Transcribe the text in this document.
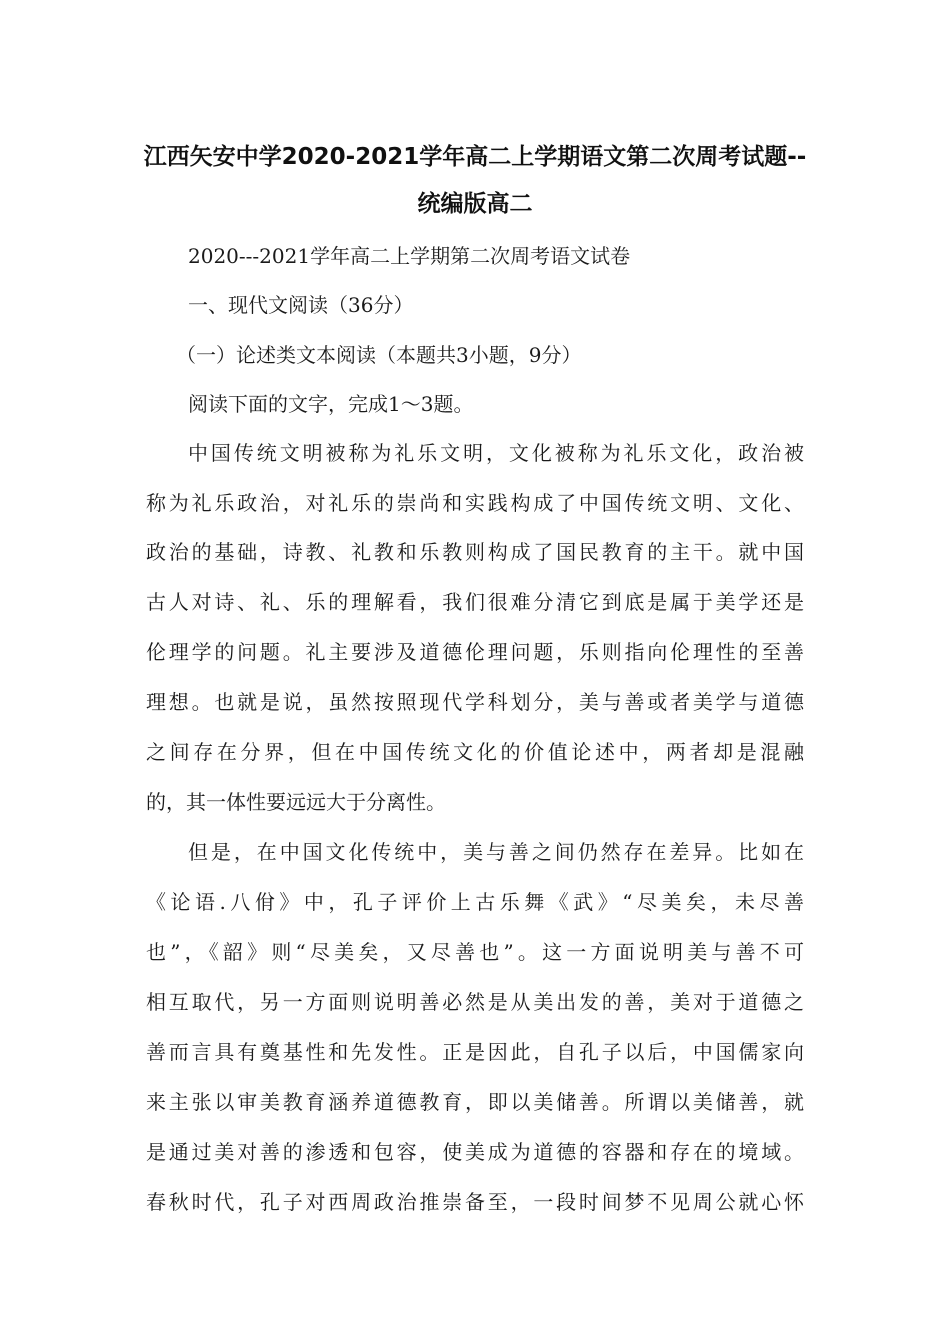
江西矢安中学2020-2021学年高二上学期语文第二次周考试题--
统编版高二

2020---2021学年高二上学期第二次周考语文试卷

一、现代文阅读（36分）

（一）论述类文本阅读（本题共3小题，9分）

阅读下面的文字，完成1～3题。

中国传统文明被称为礼乐文明，文化被称为礼乐文化，政治被

称为礼乐政治，对礼乐的崇尚和实践构成了中国传统文明、文化、

政治的基础，诗教、礼教和乐教则构成了国民教育的主干。就中国

古人对诗、礼、乐的理解看，我们很难分清它到底是属于美学还是

伦理学的问题。礼主要涉及道德伦理问题，乐则指向伦理性的至善

理想。也就是说，虽然按照现代学科划分，美与善或者美学与道德

之间存在分界，但在中国传统文化的价值论述中，两者却是混融

的，其一体性要远远大于分离性。

但是，在中国文化传统中，美与善之间仍然存在差异。比如在

《论语.八佾》中，孔子评价上古乐舞《武》“尽美矣，未尽善

也”，《韶》则“尽美矣，又尽善也”。这一方面说明美与善不可

相互取代，另一方面则说明善必然是从美出发的善，美对于道德之

善而言具有奠基性和先发性。正是因此，自孔子以后，中国儒家向

来主张以审美教育涵养道德教育，即以美储善。所谓以美储善，就

是通过美对善的渗透和包容，使美成为道德的容器和存在的境域。

春秋时代，孔子对西周政治推崇备至，一段时间梦不见周公就心怀
